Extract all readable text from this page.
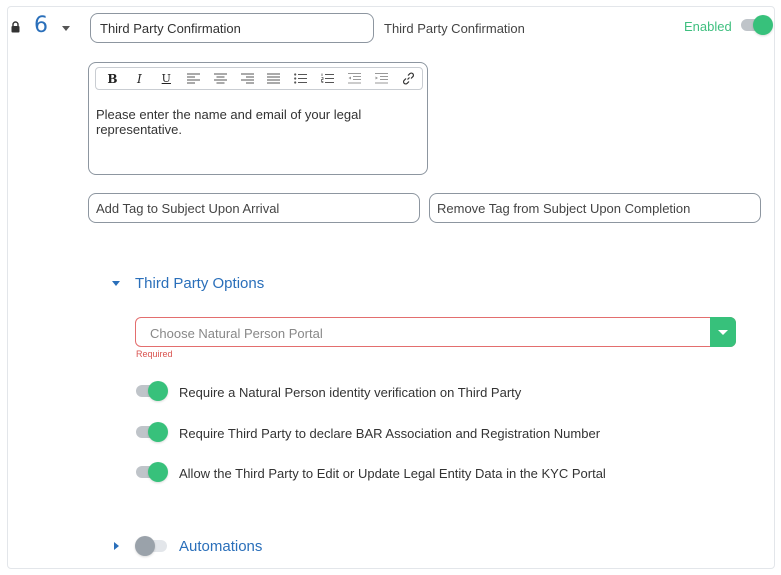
6
Third Party Confirmation	Third Party Confirmation	Enabled
B I U
Please enter the name and email of your legal representative.
Add Tag to Subject Upon Arrival
Remove Tag from Subject Upon Completion
Third Party Options
Choose Natural Person Portal
Required
Require a Natural Person identity verification on Third Party
Require Third Party to declare BAR Association and Registration Number
Allow the Third Party to Edit or Update Legal Entity Data in the KYC Portal
Automations
